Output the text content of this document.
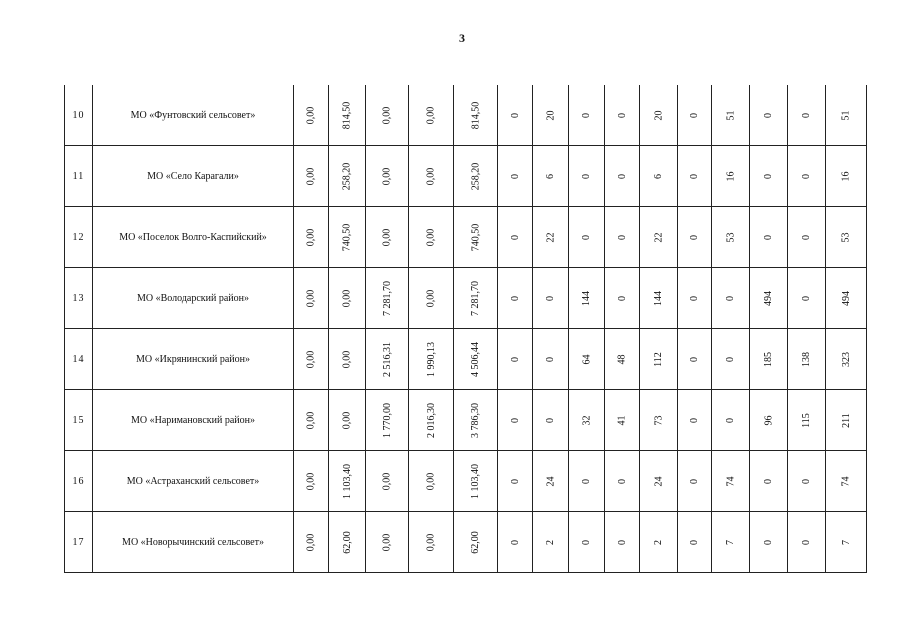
3
10	МО «Фунтовский сельсовет»	0,00	814,50	0,00	0,00	814,50	0	20	0	0	20	0	51	0	0	51
11	МО «Село Карагали»	0,00	258,20	0,00	0,00	258,20	0	6	0	0	6	0	16	0	0	16
12	МО «Поселок Волго-Каспийский»	0,00	740,50	0,00	0,00	740,50	0	22	0	0	22	0	53	0	0	53
13	МО «Володарский район»	0,00	0,00	7 281,70	0,00	7 281,70	0	0	144	0	144	0	0	494	0	494
14	МО «Икрянинский район»	0,00	0,00	2 516,31	1 990,13	4 506,44	0	0	64	48	112	0	0	185	138	323
15	МО «Наримановский район»	0,00	0,00	1 770,00	2 016,30	3 786,30	0	0	32	41	73	0	0	96	115	211
16	МО «Астраханский сельсовет»	0,00	1 103,40	0,00	0,00	1 103,40	0	24	0	0	24	0	74	0	0	74
17	МО «Новорычинский сельсовет»	0,00	62,00	0,00	0,00	62,00	0	2	0	0	2	0	7	0	0	7
